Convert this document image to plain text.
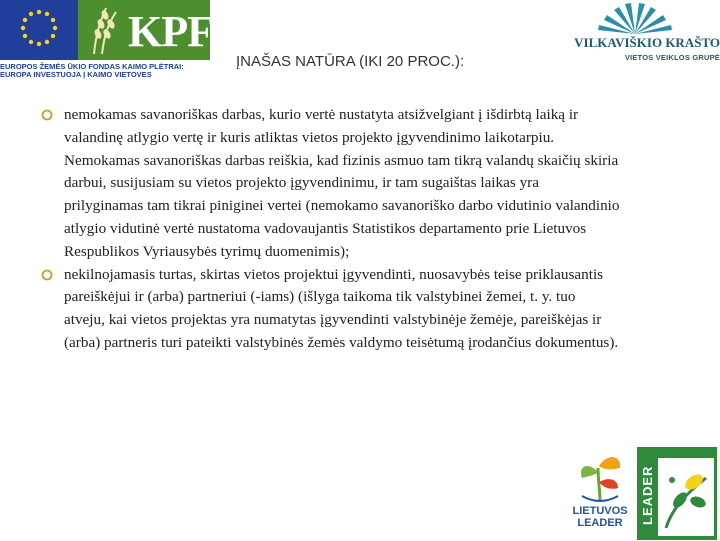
KPF
EUROPOS ŽEMĖS ŪKIO FONDAS KAIMO PLĖTRAI:
EUROPA INVESTUOJA Į KAIMO VIETOVES
VILKAVIŠKIO KRAŠTO
VIETOS VEIKLOS GRUPĖ
ĮNAŠAS NATŪRA (IKI 20 PROC.):
nemokamas savanoriškas darbas, kurio vertė nustatyta atsižvelgiant į išdirbtą laiką ir valandinę atlygio vertę ir kuris atliktas vietos projekto įgyvendinimo laikotarpiu. Nemokamas savanoriškas darbas reiškia, kad fizinis asmuo tam tikrą valandų skaičių skiria darbui, susijusiam su vietos projekto įgyvendinimu, ir tam sugaištas laikas yra prilyginamas tam tikrai piniginei vertei (nemokamo savanoriško darbo vidutinio valandinio atlygio vidutinė vertė nustatoma vadovaujantis Statistikos departamento prie Lietuvos Respublikos Vyriausybės tyrimų duomenimis);
nekilnojamasis turtas, skirtas vietos projektui įgyvendinti, nuosavybės teise priklausantis pareiškėjui ir (arba) partneriui (-iams) (išlyga taikoma tik valstybinei žemei, t. y. tuo atveju, kai vietos projektas yra numatytas įgyvendinti valstybinėje žemėje, pareiškėjas ir (arba) partneris turi pateikti valstybinės žemės valdymo teisėtumą įrodančius dokumentus).
LIETUVOS
LEADER	LEADER
